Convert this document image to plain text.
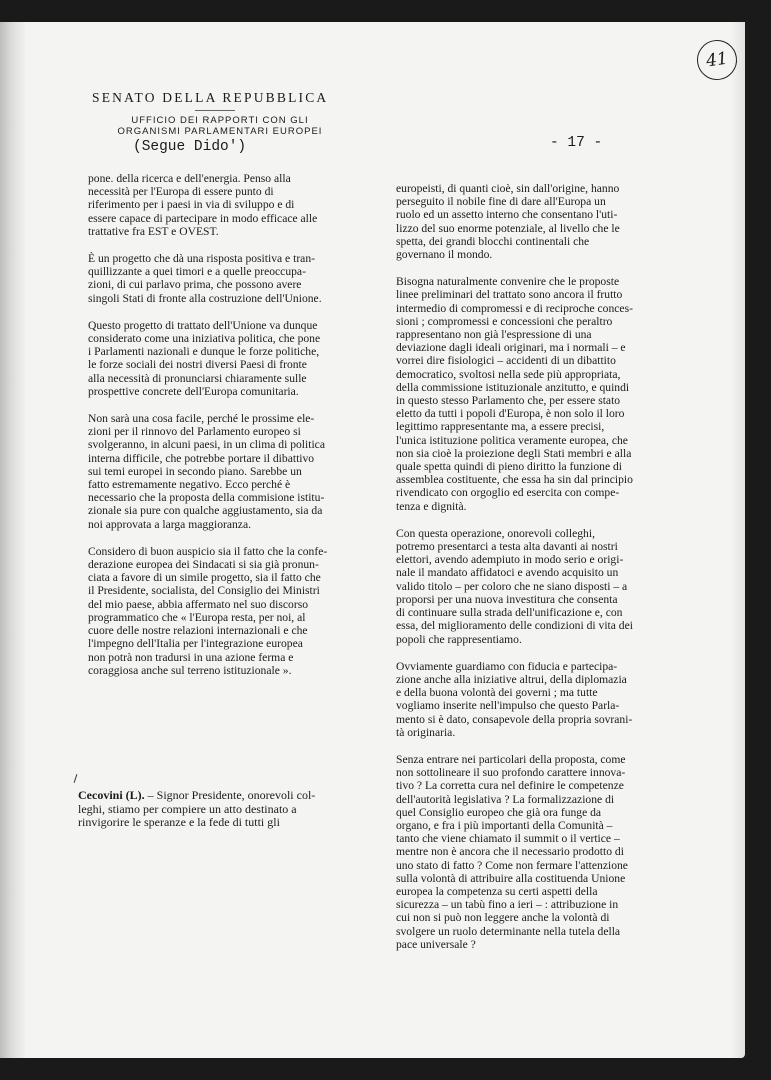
41
SENATO DELLA REPUBBLICA
UFFICIO DEI RAPPORTI CON GLI
ORGANISMI PARLAMENTARI EUROPEI
(Segue Dido')	- 17 -

pone. della ricerca e dell'energia. Penso alla
necessità per l'Europa di essere punto di
riferimento per i paesi in via di sviluppo e di
essere capace di partecipare in modo efficace alle
trattative fra EST e OVEST.

È un progetto che dà una risposta positiva e tran-
quillizzante a quei timori e a quelle preoccupa-
zioni, di cui parlavo prima, che possono avere
singoli Stati di fronte alla costruzione dell'Unione.

Questo progetto di trattato dell'Unione va dunque
considerato come una iniziativa politica, che pone
i Parlamenti nazionali e dunque le forze politiche,
le forze sociali dei nostri diversi Paesi di fronte
alla necessità di pronunciarsi chiaramente sulle
prospettive concrete dell'Europa comunitaria.

Non sarà una cosa facile, perché le prossime ele-
zioni per il rinnovo del Parlamento europeo si
svolgeranno, in alcuni paesi, in un clima di politica
interna difficile, che potrebbe portare il dibattivo
sui temi europei in secondo piano. Sarebbe un
fatto estremamente negativo. Ecco perché è
necessario che la proposta della commisione istitu-
zionale sia pure con qualche aggiustamento, sia da
noi approvata a larga maggioranza.

Considero di buon auspicio sia il fatto che la confe-
derazione europea dei Sindacati si sia già pronun-
ciata a favore di un simile progetto, sia il fatto che
il Presidente, socialista, del Consiglio dei Ministri
del mio paese, abbia affermato nel suo discorso
programmatico che « l'Europa resta, per noi, al
cuore delle nostre relazioni internazionali e che
l'impegno dell'Italia per l'integrazione europea
non potrà non tradursi in una azione ferma e
coraggiosa anche sul terreno istituzionale ».

Cecovini (L). – Signor Presidente, onorevoli col-
leghi, stiamo per compiere un atto destinato a
rinvigorire le speranze e la fede di tutti gli

europeisti, di quanti cioè, sin dall'origine, hanno
perseguito il nobile fine di dare all'Europa un
ruolo ed un assetto interno che consentano l'uti-
lizzo del suo enorme potenziale, al livello che le
spetta, dei grandi blocchi continentali che
governano il mondo.

Bisogna naturalmente convenire che le proposte
linee preliminari del trattato sono ancora il frutto
intermedio di compromessi e di reciproche conces-
sioni ; compromessi e concessioni che peraltro
rappresentano non già l'espressione di una
deviazione dagli ideali originari, ma i normali – e
vorrei dire fisiologici – accidenti di un dibattito
democratico, svoltosi nella sede più appropriata,
della commissione istituzionale anzitutto, e quindi
in questo stesso Parlamento che, per essere stato
eletto da tutti i popoli d'Europa, è non solo il loro
legittimo rappresentante ma, a essere precisi,
l'unica istituzione politica veramente europea, che
non sia cioè la proiezione degli Stati membri e alla
quale spetta quindi di pieno diritto la funzione di
assemblea costituente, che essa ha sin dal principio
rivendicato con orgoglio ed esercita con compe-
tenza e dignità.

Con questa operazione, onorevoli colleghi,
potremo presentarci a testa alta davanti ai nostri
elettori, avendo adempiuto in modo serio e origi-
nale il mandato affidatoci e avendo acquisito un
valido titolo – per coloro che ne siano disposti – a
proporsi per una nuova investitura che consenta
di continuare sulla strada dell'unificazione e, con
essa, del miglioramento delle condizioni di vita dei
popoli che rappresentiamo.

Ovviamente guardiamo con fiducia e partecipa-
zione anche alla iniziative altrui, della diplomazia
e della buona volontà dei governi ; ma tutte
vogliamo inserite nell'impulso che questo Parla-
mento si è dato, consapevole della propria sovrani-
tà originaria.

Senza entrare nei particolari della proposta, come
non sottolineare il suo profondo carattere innova-
tivo ? La corretta cura nel definire le competenze
dell'autorità legislativa ? La formalizzazione di
quel Consiglio europeo che già ora funge da
organo, e fra i più importanti della Comunità –
tanto che viene chiamato il summit o il vertice –
mentre non è ancora che il necessario prodotto di
uno stato di fatto ? Come non fermare l'attenzione
sulla volontà di attribuire alla costituenda Unione
europea la competenza su certi aspetti della
sicurezza – un tabù fino a ieri – : attribuzione in
cui non si può non leggere anche la volontà di
svolgere un ruolo determinante nella tutela della
pace universale ?
